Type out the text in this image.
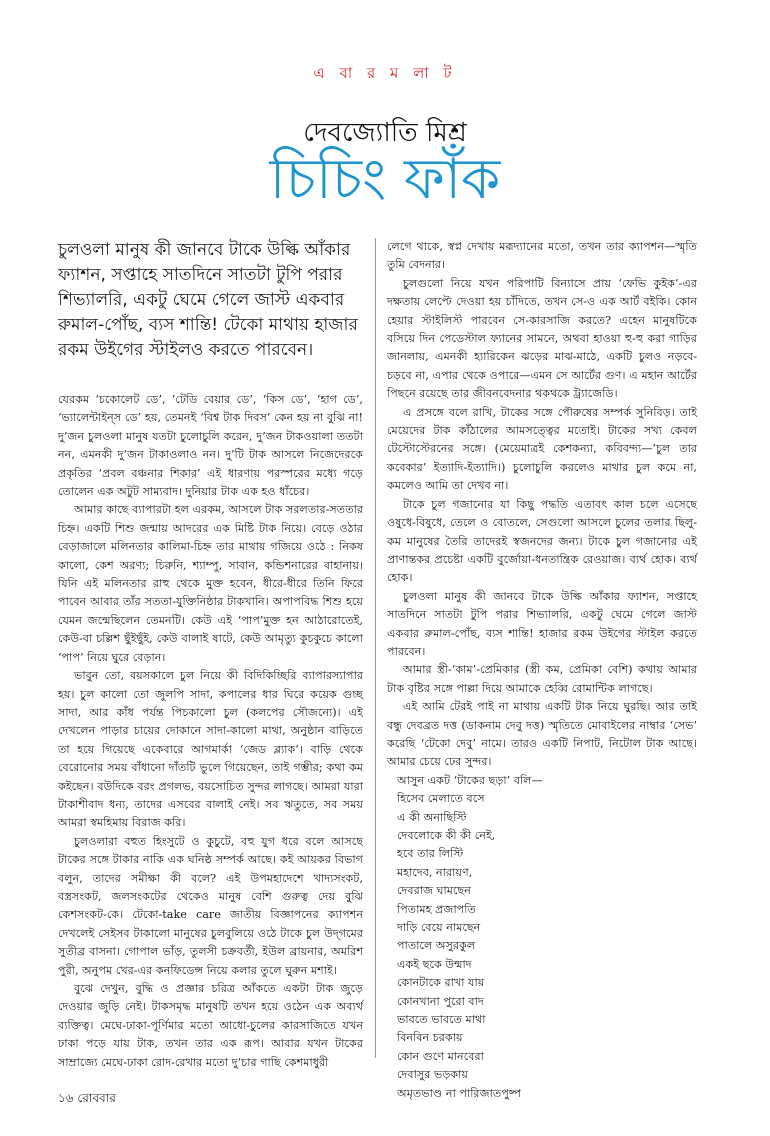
এ বা র ম লা ট
দেবজ্যোতি মিশ্র
চিচিং ফাঁক

চুলওলা মানুষ কী জানবে টাকে উল্কি আঁকার ফ্যাশন, সপ্তাহে সাতদিনে সাতটা টুপি পরার শিভ্যালরি, একটু ঘেমে গেলে জাস্ট একবার রুমাল-পোঁছ, ব্যস শান্তি! টেকো মাথায় হাজার রকম উইগের স্টাইলও করতে পারবেন।

যেরকম ‘চকোলেট ডে’, ‘টেডি বেয়ার ডে’, ‘কিস ডে’, ‘হাগ ডে’, ‘ভ্যালেন্টাইন্‌স ডে’ হয়, তেমনই ‘বিশ্ব টাক দিবস’ কেন হয় না বুঝি না! দু’জন চুলওলা মানুষ যতটা চুলোচুলি করেন, দু’জন টাকওয়ালা ততটা নন, এমনকী দু’জন টাকাওলাও নন। দু’টি টাক আসলে নিজেদেরকে প্রকৃতির ‘প্রবল বঞ্চনার শিকার’ এই ধারণায় পরস্পরের মধ্যে গড়ে তোলেন এক অটুট সাম্যবাদ। দুনিয়ার টাক এক হও ধাঁচের।

আমার কাছে ব্যাপারটা হল এরকম, আসলে টাক সরলতার-সততার চিহ্ন। একটি শিশু জন্মায় আদরের এক মিষ্টি টাক নিয়ে। বেড়ে ওঠার বেড়াজালে মলিনতার কালিমা-চিহ্ন তার মাথায় গজিয়ে ওঠে : নিকষ কালো, কেশ অরণ্য; চিরুনি, শ্যাম্পু, সাবান, কন্ডিশনারের বাহানায়। যিনি এই মলিনতার রাহু থেকে মুক্ত হবেন, ধীরে-ধীরে তিনি ফিরে পাবেন আবার তাঁর সততা-যুক্তিনিষ্ঠার টাকখানি। অপাপবিদ্ধ শিশু হয়ে যেমন জন্মেছিলেন তেমনটি। কেউ এই ‘পাপ’মুক্ত হন আঠারোতেই, কেউ-বা চল্লিশ ছুঁইছুঁই, কেউ বালাই ষাটে, কেউ আমৃত্যু কুচকুচে কালো ‘পাপ’ নিয়ে ঘুরে বেড়ান।

ভাবুন তো, বয়সকালে চুল নিয়ে কী বিদিকিচ্ছিরি ব্যাপারস্যাপার হয়। চুল কালো তো জুলপি সাদা, কপালের ধার ঘিরে কয়েক গুচ্ছ সাদা, আর কাঁধ পর্যন্ত পিচকালো চুল (কলপের সৌজন্যে)। এই দেখলেন পাড়ার চায়ের দোকানে সাদা-কালো মাথা, অনুষ্ঠান বাড়িতে তা হয়ে গিয়েছে একেবারে আগমার্কা ‘জেড ব্ল্যাক’। বাড়ি থেকে বেরোনোর সময় বাঁধানো দাঁতটি ভুলে গিয়েছেন, তাই গম্ভীর; কথা কম কইছেন। বউদিকে বরং প্রগলভ, বয়সোচিত সুন্দর লাগছে। আমরা যারা টাকাশীবাদ ধন্য, তাদের এসবের বালাই নেই। সব ঋতুতে, সব সময় আমরা স্বমহিমায় বিরাজ করি।

চুলওলারা বহুত হিংসুটে ও কুচুটে, বহু যুগ ধরে বলে আসছে টাকের সঙ্গে টাকার নাকি এক ঘনিষ্ঠ সম্পর্ক আছে। কই আয়কর বিভাগ বলুন, তাদের সমীক্ষা কী বলে? এই উপমহাদেশে খাদ্যসংকট, বস্ত্রসংকট, জলসংকটের থেকেও মানুষ বেশি গুরুত্ব দেয় বুঝি কেশসংকট-কে। টেকো-take care জাতীয় বিজ্ঞাপনের ক্যাপশন দেখলেই সেইসব টাকালো মানুষের চুলবুলিয়ে ওঠে টাকে চুল উদ্‌গমের সুতীব্র বাসনা। গোপাল ভাঁড়, তুলসী চক্রবর্তী, ইউল ব্রায়নার, অমরিশ পুরী, অনুপম খের-এর কনফিডেন্স নিয়ে কলার তুলে ঘুরুন মশাই।

বুঝে দেখুন, বুদ্ধি ও প্রজ্ঞার চরিত্র আঁকতে একটা টাক জুড়ে দেওয়ার জুড়ি নেই। টাকসমৃদ্ধ মানুষটি তখন হয়ে ওঠেন এক অব্যর্থ ব্যক্তিত্ব। মেঘে-ঢাকা-পূর্ণিমার মতো আধো-চুলের কারসাজিতে যখন ঢাকা পড়ে যায় টাক, তখন তার এক রূপ। আবার যখন টাকের সাম্রাজ্যে মেঘে-ঢাকা রোদ-রেখার মতো দু’চার গাছি কেশমাধুরী

লেগে থাকে, স্বপ্ন দেখায় মরূদ্যানের মতো, তখন তার ক্যাপশন—স্মৃতি তুমি বেদনার।

চুলগুলো নিয়ে যখন পরিপাটি বিন্যাসে প্রায় ‘ফেভি কুইক’-এর দক্ষতায় লেপ্টে দেওয়া হয় চাঁদিতে, তখন সে-ও এক আর্ট বইকি। কোন হেয়ার স্টাইলিস্ট পারবেন সে-কারসাজি করতে? এহেন মানুষটিকে বসিয়ে দিন পেডেস্টাল ফ্যানের সামনে, অথবা হাওয়া হু-হু করা গাড়ির জানলায়, এমনকী হ্যারিকেন ঝড়ের মাঝ-মাঠে, একটি চুলও নড়বে-চড়বে না, এপার থেকে ওপারে—এমন সে আর্টের গুণ। এ মহান আর্টের পিছনে রয়েছে তার জীবনবেদনার থকথকে ট্র্যাজেডি।

এ প্রসঙ্গে বলে রাখি, টাকের সঙ্গে পৌরুষের সম্পর্ক সুনিবিড়। তাই মেয়েদের টাক কাঁঠালের আমসত্ত্বের মতোই। টাকের সখ্য কেবল টেস্টোস্টেরনের সঙ্গে। (মেয়েমাত্রই কেশকন্যা, কবিবন্দ্য—‘চুল তার কবেকার’ ইত্যাদি-ইত্যাদি।) চুলোচুলি করলেও মাথার চুল কমে না, কমলেও আমি তা দেখব না।

টাকে চুল গজানোর যা কিছু পদ্ধতি এতাবৎ কাল চলে এসেছে ওষুধে-বিষুধে, তেলে ও বোতলে, সেগুলো আসলে চুলের তলার ছিলু-কম মানুষের তৈরি তাদেরই স্বজনদের জন্য। টাকে চুল গজানোর এই প্রাণান্তকর প্রচেষ্টা একটি বুর্জোয়া-ধনতান্ত্রিক রেওয়াজ। ব্যর্থ হোক। ব্যর্থ হোক।

চুলওলা মানুষ কী জানবে টাকে উল্কি আঁকার ফ্যাশন, সপ্তাহে সাতদিনে সাতটা টুপি পরার শিভ্যালরি, একটু ঘেমে গেলে জাস্ট একবার রুমাল-পোঁছ, ব্যস শান্তি! হাজার রকম উইগের স্টাইল করতে পারবেন।

আমার স্ত্রী-‘কাম’-প্রেমিকার (স্ত্রী কম, প্রেমিকা বেশি) কথায় আমার টাক বৃষ্টির সঙ্গে পাল্লা দিয়ে আমাকে হেব্বি রোমান্টিক লাগছে।

এই আমি টেরই পাই না মাথায় একটি টাক নিয়ে ঘুরছি। আর তাই বন্ধু দেবব্রত দত্ত (ডাকনাম দেবু দত্ত) স্মৃতিতে মোবাইলের নাম্বার ‘সেভ’ করেছি ‘টেকো দেবু’ নামে। তারও একটি নিপাট, নিটোল টাক আছে। আমার চেয়ে ঢের সুন্দর।

আসুন একট ‘টাকের ছড়া’ বলি—
হিসেব মেলাতে বসে
এ কী অনাছিস্টি
দেবলোকে কী কী নেই,
হবে তার লিস্টি
মহাদেব, নারায়ণ,
দেবরাজ ঘামছেন
পিতামহ প্রজাপতি
দাড়ি বেয়ে নামছেন
পাতালে অসুরকুল
একই ছকে উন্মাদ
কোনটাকে রাখা যায়
কোনখানা পুরো বাদ
ভাবতে ভাবতে মাথা
বিনবিন চরকায়
কোন গুণে মানবেরা
দেবাসুর ভড়কায়
অমৃতভাণ্ড না পারিজাতপুষ্প
১৬ রোববার
